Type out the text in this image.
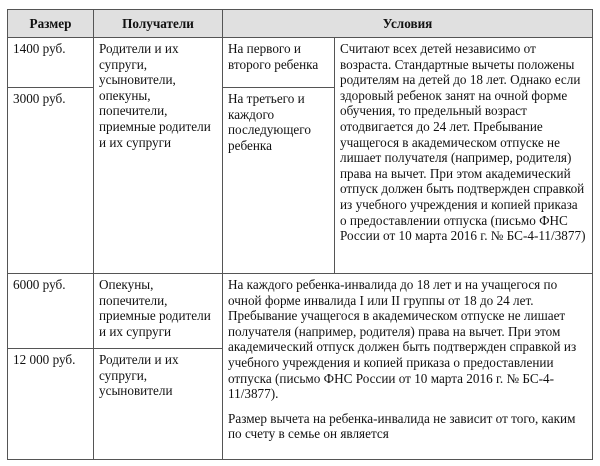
Размер	Получатели	Условия	
1400 руб.	Родители и их супруги, усыновители, опекуны, попечители, приемные родители и их супруги	На первого и второго ребенка	Считают всех детей независимо от возраста. Стандартные вычеты положены родителям на детей до 18 лет. Однако если здоровый ребенок занят на очной форме обучения, то предельный возраст отодвигается до 24 лет. Пребывание учащегося в академическом отпуске не лишает получателя (например, родителя) права на вычет. При этом академический отпуск должен быть подтвержден справкой из учебного учреждения и копией приказа о предоставлении отпуска (письмо ФНС России от 10 марта 2016 г. № БС-4-11/3877)
3000 руб.		На третьего и каждого последующего ребенка	
6000 руб.	Опекуны, попечители, приемные родители и их супруги	На каждого ребенка-инвалида до 18 лет и на учащегося по очной форме инвалида I или II группы от 18 до 24 лет. Пребывание учащегося в академическом отпуске не лишает получателя (например, родителя) права на вычет. При этом академический отпуск должен быть подтвержден справкой из учебного учреждения и копией приказа о предоставлении отпуска (письмо ФНС России от 10 марта 2016 г. № БС-4-11/3877).

Размер вычета на ребенка-инвалида не зависит от того, каким по счету в семье он является	

12 000 руб.	Родители и их супруги, усыновители		
